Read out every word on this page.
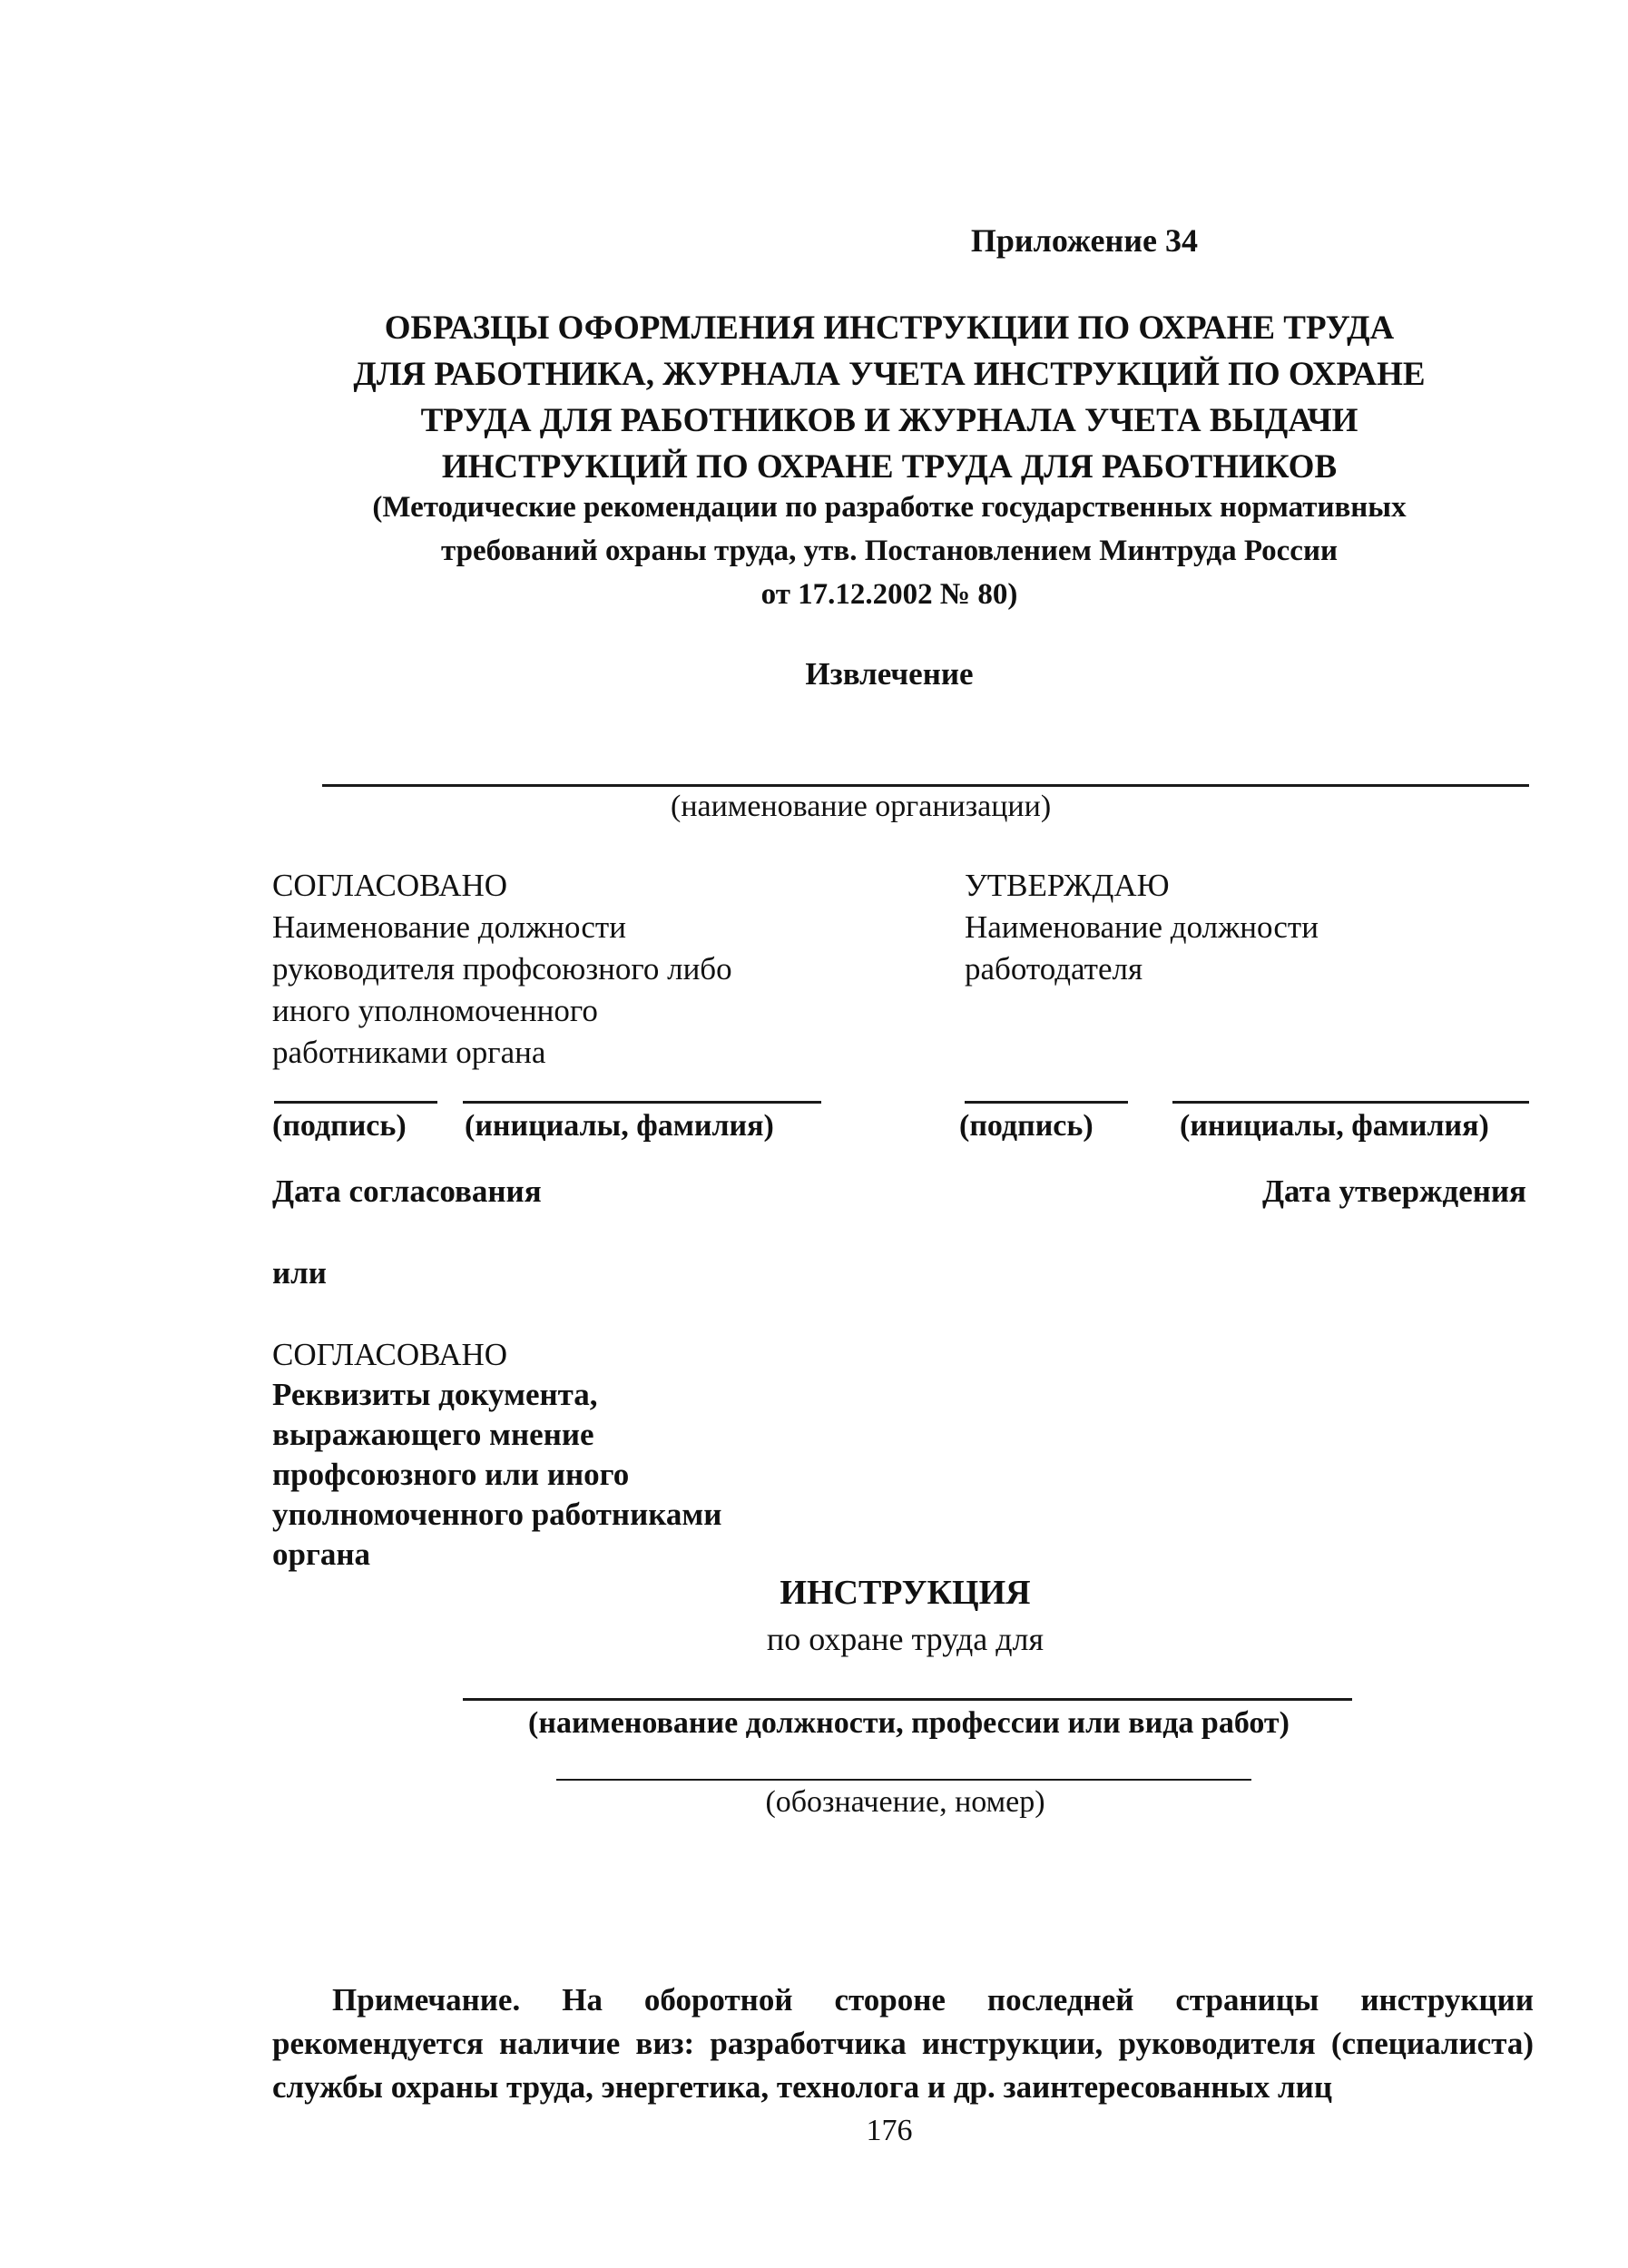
Приложение 34
ОБРАЗЦЫ ОФОРМЛЕНИЯ ИНСТРУКЦИИ ПО ОХРАНЕ ТРУДА
ДЛЯ РАБОТНИКА, ЖУРНАЛА УЧЕТА ИНСТРУКЦИЙ ПО ОХРАНЕ
ТРУДА ДЛЯ РАБОТНИКОВ И ЖУРНАЛА УЧЕТА ВЫДАЧИ
ИНСТРУКЦИЙ ПО ОХРАНЕ ТРУДА ДЛЯ РАБОТНИКОВ
(Методические рекомендации по разработке государственных нормативных
требований охраны труда, утв. Постановлением Минтруда России
от 17.12.2002 № 80)
Извлечение
(наименование организации)
СОГЛАСОВАНО
Наименование должности
руководителя профсоюзного либо
иного уполномоченного
работниками органа
УТВЕРЖДАЮ
Наименование должности
работодателя
(подпись) (инициалы, фамилия)	(подпись)	(инициалы, фамилия)
Дата согласования	Дата утверждения
или
СОГЛАСОВАНО
Реквизиты документа,
выражающего мнение
профсоюзного или иного
уполномоченного работниками
органа
ИНСТРУКЦИЯ
по охране труда для
(наименование должности, профессии или вида работ)
(обозначение, номер)
Примечание. На оборотной стороне последней страницы инструкции рекомендуется наличие виз: разработчика инструкции, руководителя (специалиста) службы охраны труда, энергетика, технолога и др. заинтересованных лиц
176
